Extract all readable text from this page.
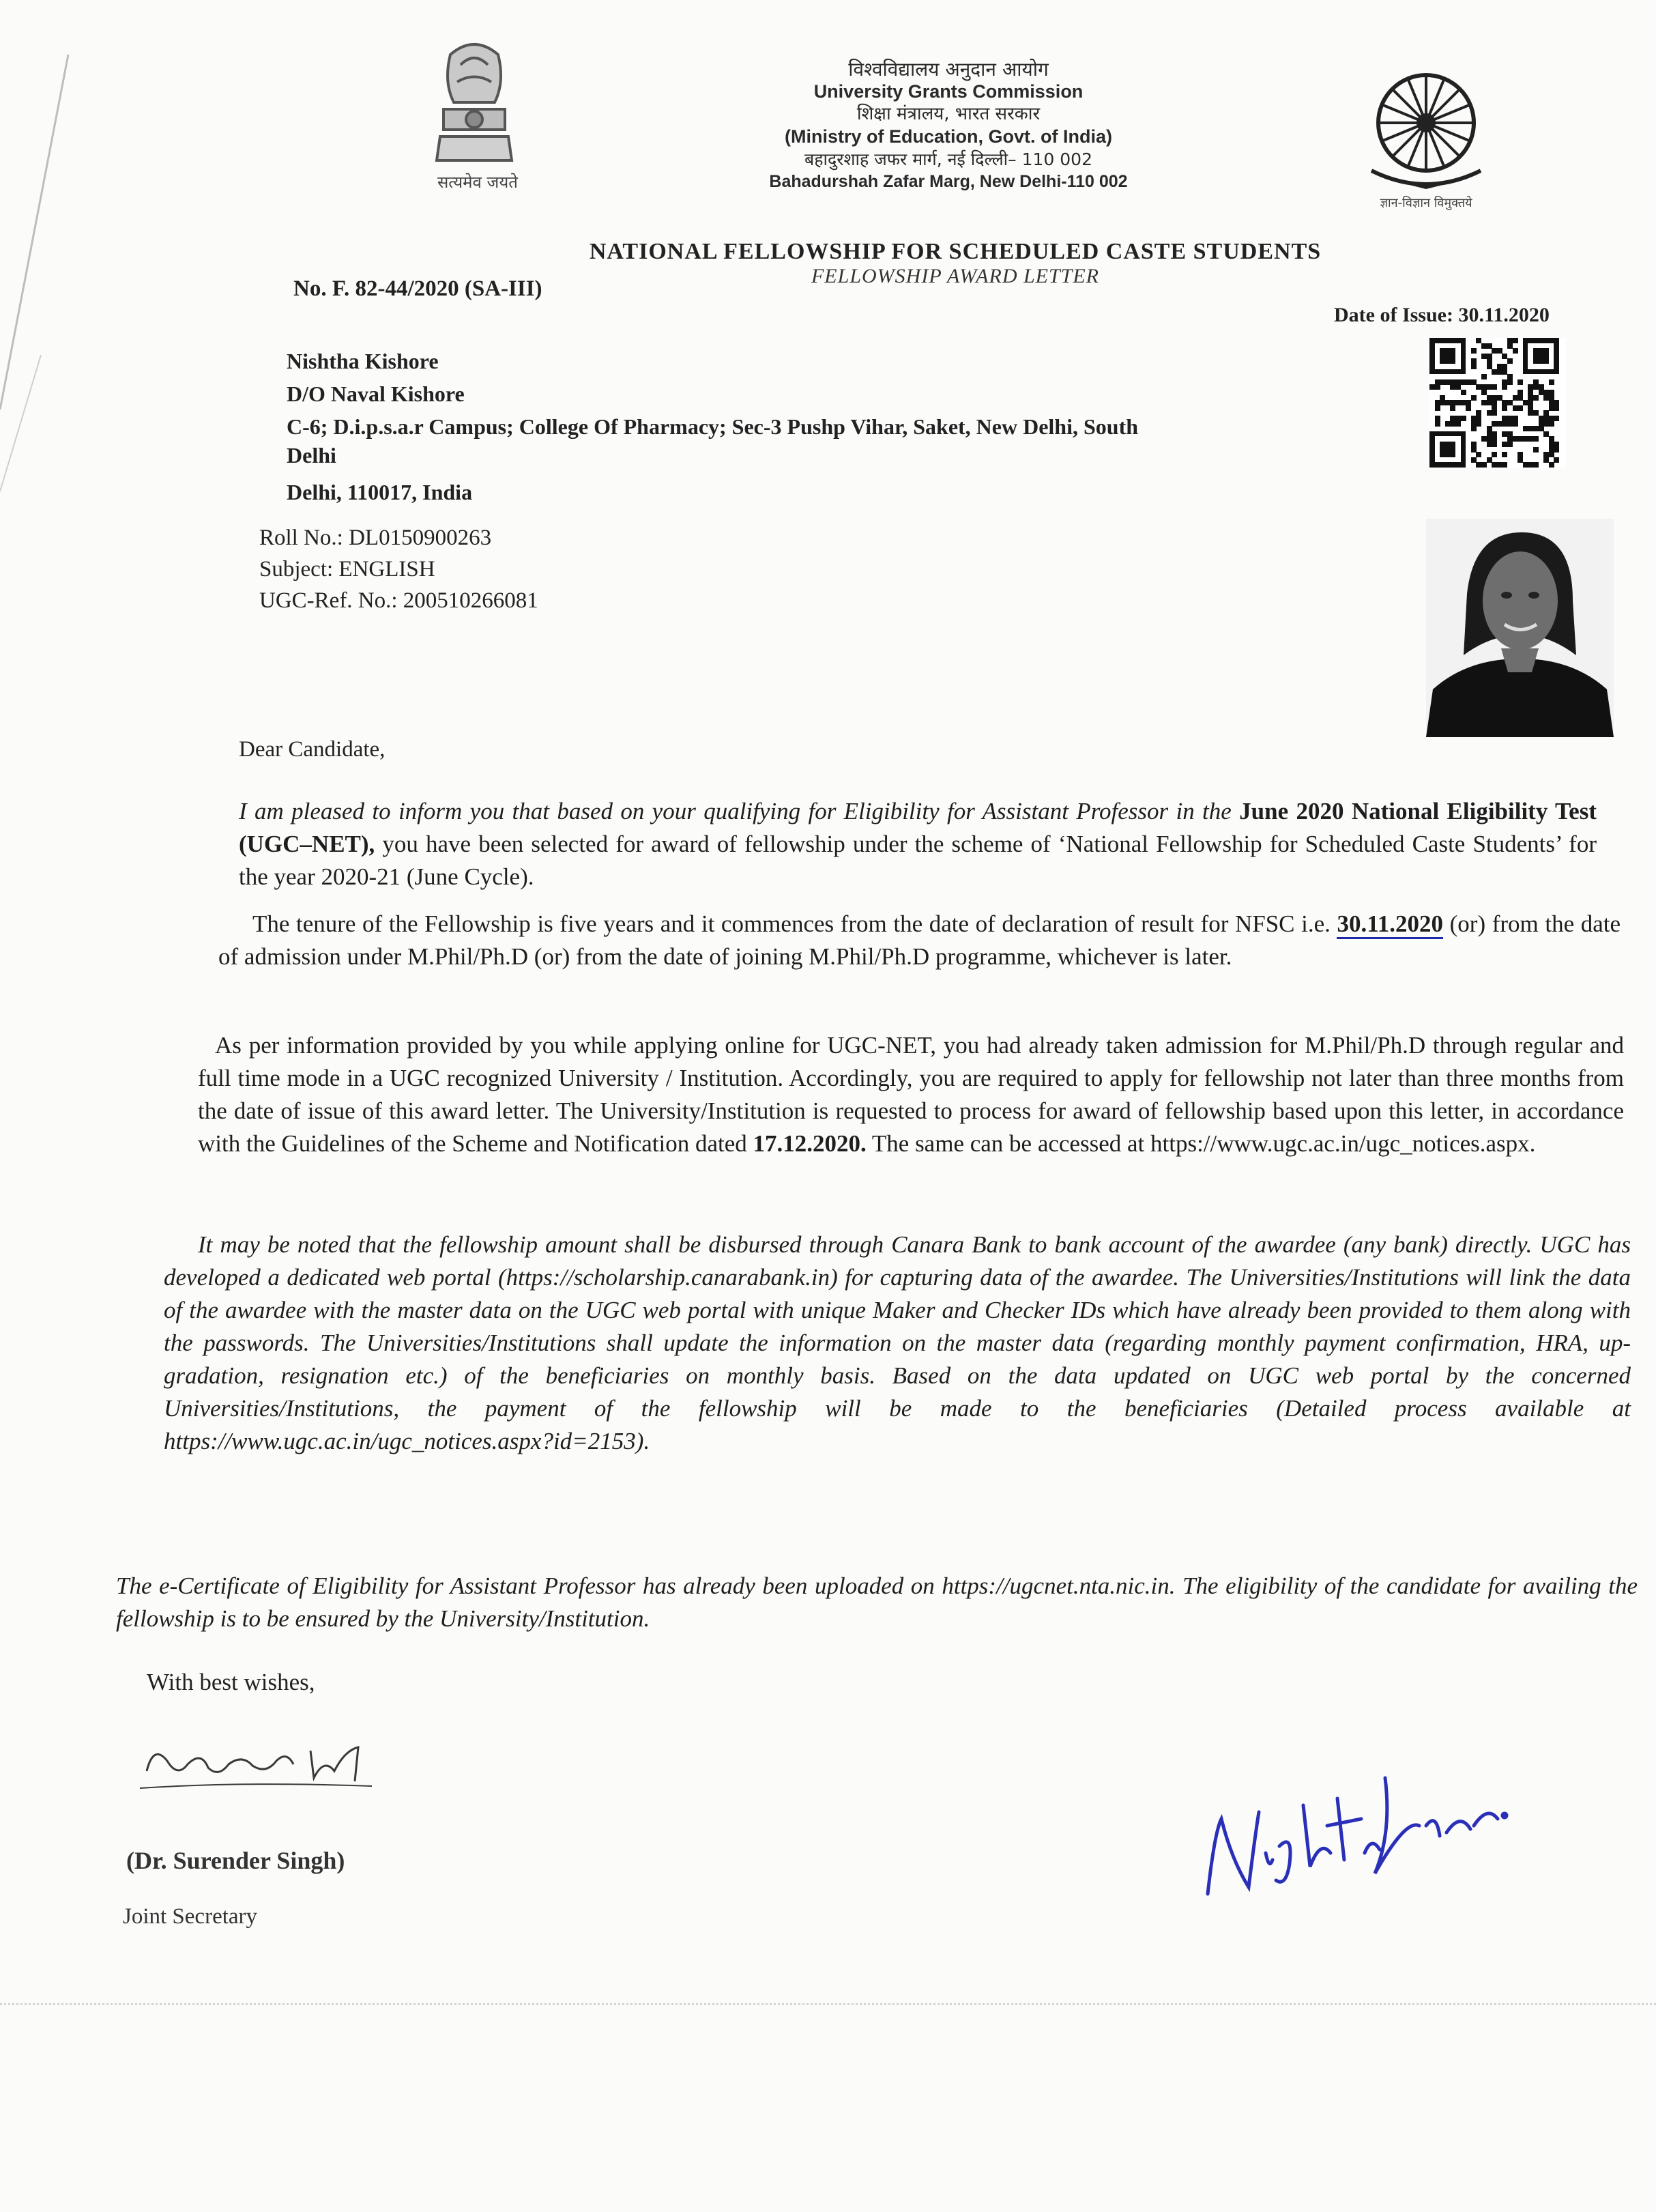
सत्यमेव जयते
विश्वविद्यालय अनुदान आयोग
University Grants Commission
शिक्षा मंत्रालय, भारत सरकार
(Ministry of Education, Govt. of India)
बहादुरशाह जफर मार्ग, नई दिल्ली– 110 002
Bahadurshah Zafar Marg, New Delhi-110 002
ज्ञान-विज्ञान विमुक्तये
NATIONAL FELLOWSHIP FOR SCHEDULED CASTE STUDENTS
FELLOWSHIP AWARD LETTER
No. F. 82-44/2020 (SA-III)
Date of Issue: 30.11.2020
Nishtha Kishore
D/O Naval Kishore
C-6; D.i.p.s.a.r Campus; College Of Pharmacy; Sec-3 Pushp Vihar, Saket, New Delhi, South
Delhi
Delhi, 110017, India
Roll No.: DL0150900263
Subject: ENGLISH
UGC-Ref. No.: 200510266081
Dear Candidate,
I am pleased to inform you that based on your qualifying for Eligibility for Assistant Professor in the June 2020 National Eligibility Test (UGC–NET), you have been selected for award of fellowship under the scheme of ‘National Fellowship for Scheduled Caste Students’ for the year 2020-21 (June Cycle).
The tenure of the Fellowship is five years and it commences from the date of declaration of result for NFSC i.e. 30.11.2020 (or) from the date of admission under M.Phil/Ph.D (or) from the date of joining M.Phil/Ph.D programme, whichever is later.
As per information provided by you while applying online for UGC-NET, you had already taken admission for M.Phil/Ph.D through regular and full time mode in a UGC recognized University / Institution. Accordingly, you are required to apply for fellowship not later than three months from the date of issue of this award letter. The University/Institution is requested to process for award of fellowship based upon this letter, in accordance with the Guidelines of the Scheme and Notification dated 17.12.2020. The same can be accessed at https://www.ugc.ac.in/ugc_notices.aspx.
It may be noted that the fellowship amount shall be disbursed through Canara Bank to bank account of the awardee (any bank) directly. UGC has developed a dedicated web portal (https://scholarship.canarabank.in) for capturing data of the awardee. The Universities/Institutions will link the data of the awardee with the master data on the UGC web portal with unique Maker and Checker IDs which have already been provided to them along with the passwords. The Universities/Institutions shall update the information on the master data (regarding monthly payment confirmation, HRA, up-gradation, resignation etc.) of the beneficiaries on monthly basis. Based on the data updated on UGC web portal by the concerned Universities/Institutions, the payment of the fellowship will be made to the beneficiaries (Detailed process available at https://www.ugc.ac.in/ugc_notices.aspx?id=2153).
The e-Certificate of Eligibility for Assistant Professor has already been uploaded on https://ugcnet.nta.nic.in. The eligibility of the candidate for availing the fellowship is to be ensured by the University/Institution.
With best wishes,
(Dr. Surender Singh)
Joint Secretary
